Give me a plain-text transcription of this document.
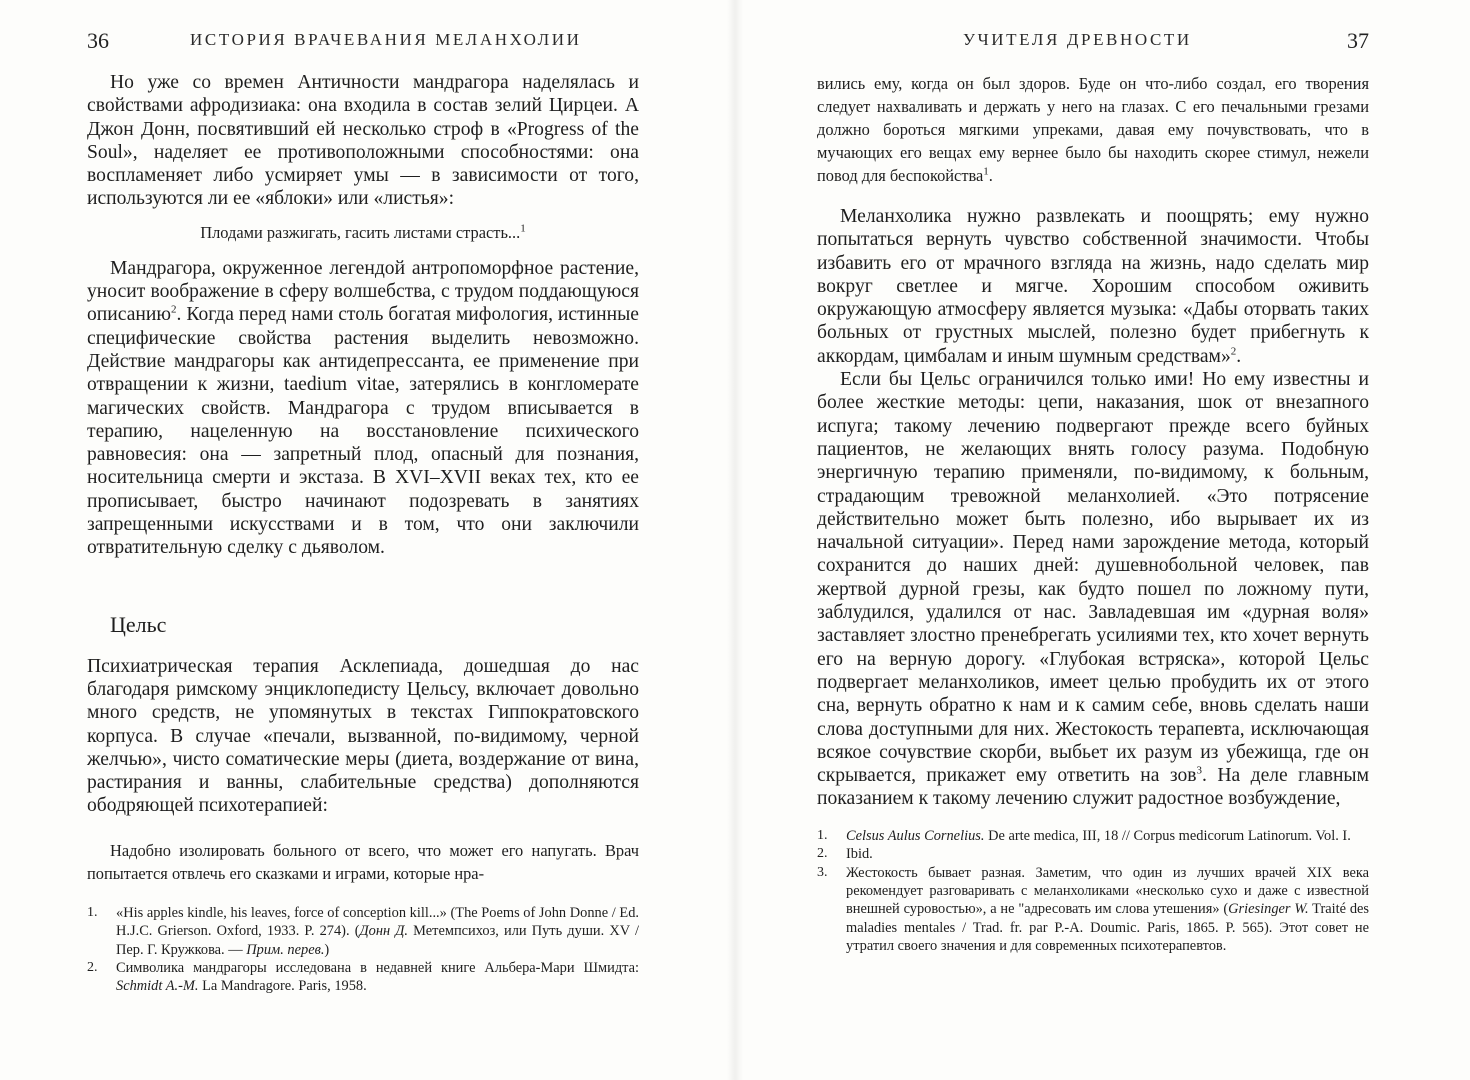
36	ИСТОРИЯ ВРАЧЕВАНИЯ МЕЛАНХОЛИИ

Но уже со времен Античности мандрагора наделялась и свойствами афродизиака: она входила в состав зелий Цирцеи. А Джон Донн, посвятивший ей несколько строф в «Progress of the Soul», наделяет ее противоположными способностями: она воспламеняет либо усмиряет умы — в зависимости от того, используются ли ее «яблоки» или «листья»:

Плодами разжигать, гасить листами страсть...$^1$

Мандрагора, окруженное легендой антропоморфное растение, уносит воображение в сферу волшебства, с трудом поддающуюся описанию$^2$. Когда перед нами столь богатая мифология, истинные специфические свойства растения выделить невозможно. Действие мандрагоры как антидепрессанта, ее применение при отвращении к жизни, taedium vitae, затерялись в конгломерате магических свойств. Мандрагора с трудом вписывается в терапию, нацеленную на восстановление психического равновесия: она — запретный плод, опасный для познания, носительница смерти и экстаза. В XVI–XVII веках тех, кто ее прописывает, быстро начинают подозревать в занятиях запрещенными искусствами и в том, что они заключили отвратительную сделку с дьяволом.

Цельс

Психиатрическая терапия Асклепиада, дошедшая до нас благодаря римскому энциклопедисту Цельсу, включает довольно много средств, не упомянутых в текстах Гиппократовского корпуса. В случае «печали, вызванной, по-видимому, черной желчью», чисто соматические меры (диета, воздержание от вина, растирания и ванны, слабительные средства) дополняются ободряющей психотерапией:

Надобно изолировать больного от всего, что может его напугать. Врач попытается отвлечь его сказками и играми, которые нра-

1.	«His apples kindle, his leaves, force of conception kill...» (The Poems of John Donne / Ed. H.J.C. Grierson. Oxford, 1933. P. 274). (Донн Д. Метемпсихоз, или Путь души. XV / Пер. Г. Кружкова. — Прим. перев.)
2.	Символика мандрагоры исследована в недавней книге Альбера-Мари Шмидта: Schmidt A.-M. La Mandragore. Paris, 1958.
УЧИТЕЛЯ ДРЕВНОСТИ	37

вились ему, когда он был здоров. Буде он что-либо создал, его творения следует нахваливать и держать у него на глазах. С его печальными грезами должно бороться мягкими упреками, давая ему почувствовать, что в мучающих его вещах ему вернее было бы находить скорее стимул, нежели повод для беспокойства$^1$.

Меланхолика нужно развлекать и поощрять; ему нужно попытаться вернуть чувство собственной значимости. Чтобы избавить его от мрачного взгляда на жизнь, надо сделать мир вокруг светлее и мягче. Хорошим способом оживить окружающую атмосферу является музыка: «Дабы оторвать таких больных от грустных мыслей, полезно будет прибегнуть к аккордам, цимбалам и иным шумным средствам»$^2$.

Если бы Цельс ограничился только ими! Но ему известны и более жесткие методы: цепи, наказания, шок от внезапного испуга; такому лечению подвергают прежде всего буйных пациентов, не желающих внять голосу разума. Подобную энергичную терапию применяли, по-видимому, к больным, страдающим тревожной меланхолией. «Это потрясение действительно может быть полезно, ибо вырывает их из начальной ситуации». Перед нами зарождение метода, который сохранится до наших дней: душевнобольной человек, пав жертвой дурной грезы, как будто пошел по ложному пути, заблудился, удалился от нас. Завладевшая им «дурная воля» заставляет злостно пренебрегать усилиями тех, кто хочет вернуть его на верную дорогу. «Глубокая встряска», которой Цельс подвергает меланхоликов, имеет целью пробудить их от этого сна, вернуть обратно к нам и к самим себе, вновь сделать наши слова доступными для них. Жестокость терапевта, исключающая всякое сочувствие скорби, выбьет их разум из убежища, где он скрывается, прикажет ему ответить на зов$^3$. На деле главным показанием к такому лечению служит радостное возбуждение,

1.	Celsus Aulus Cornelius. De arte medica, III, 18 // Corpus medicorum Latinorum. Vol. I.
2.	Ibid.
3.	Жестокость бывает разная. Заметим, что один из лучших врачей XIX века рекомендует разговаривать с меланхоликами «несколько сухо и даже с известной внешней суровостью», а не "адресовать им слова утешения» (Griesinger W. Traité des maladies mentales / Trad. fr. par P.-A. Doumic. Paris, 1865. P. 565). Этот совет не утратил своего значения и для современных психотерапевтов.
